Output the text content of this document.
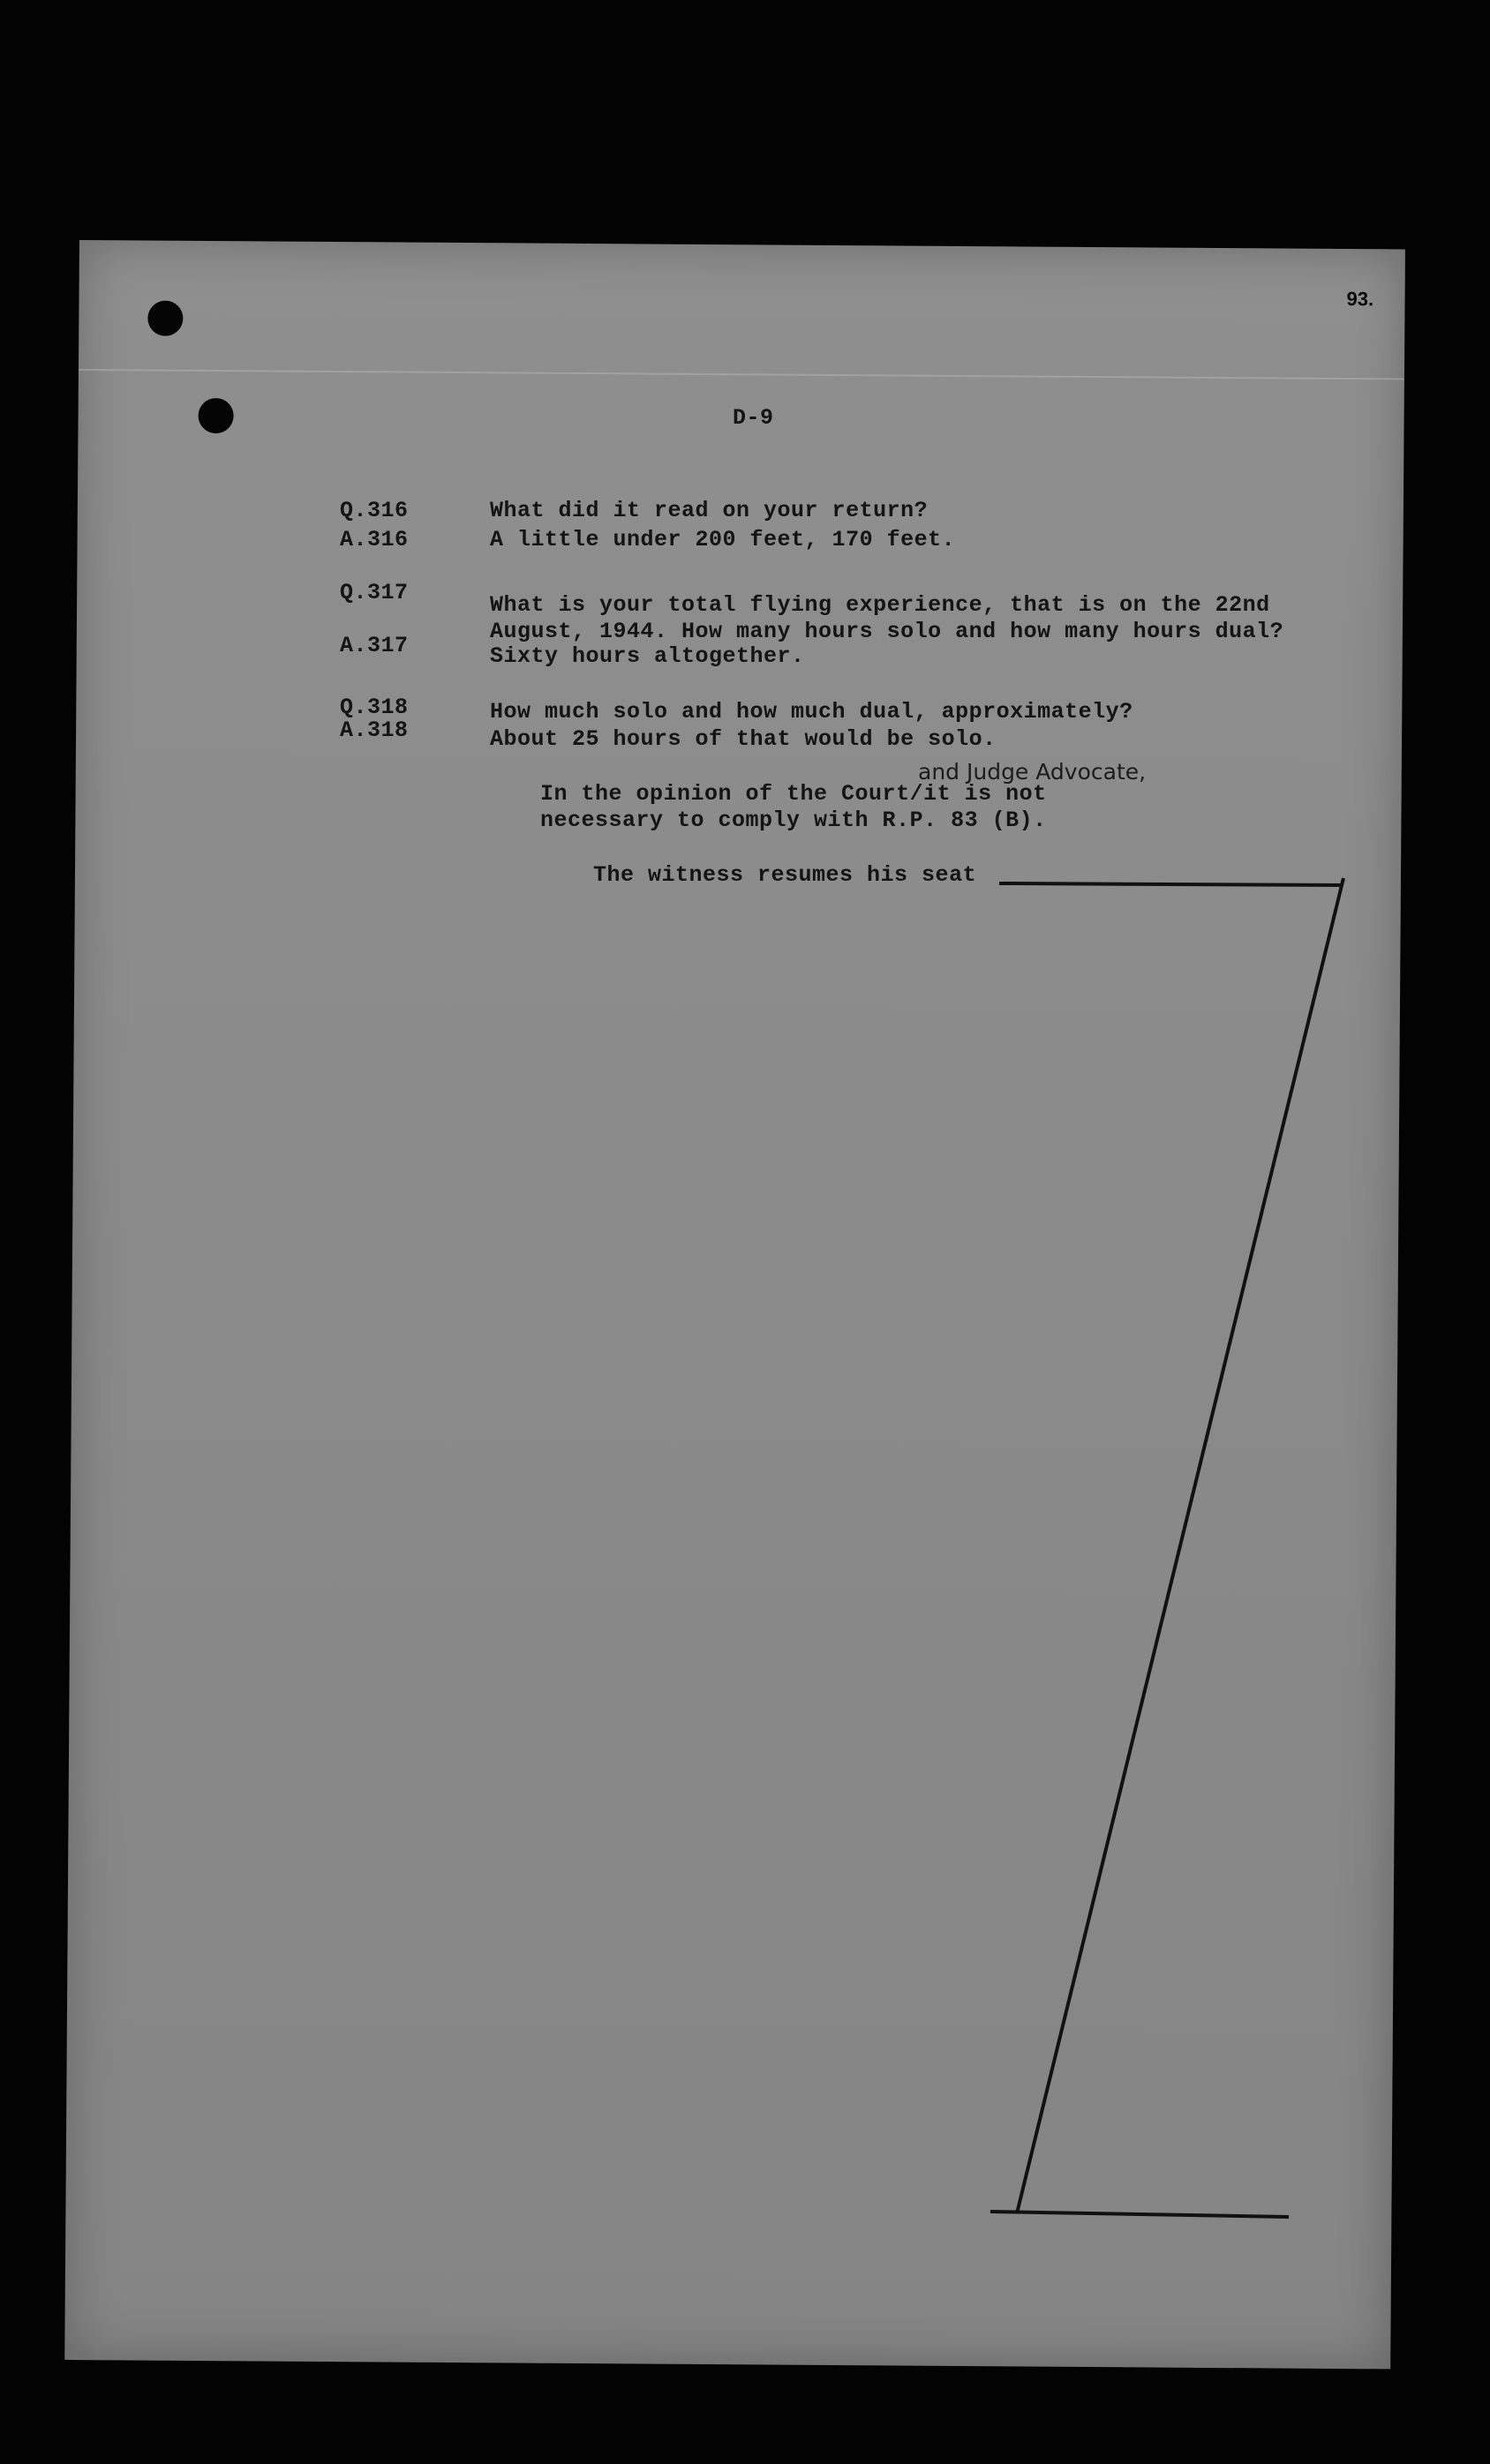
93.
D-9
Q.316	What did it read on your return?
A.316	A little under 200 feet, 170 feet.
Q.317	What is your total flying experience, that is on the 22nd
August, 1944. How many hours solo and how many hours dual?
A.317	Sixty hours altogether.
Q.318	How much solo and how much dual, approximately?
A.318	About 25 hours of that would be solo.
and Judge Advocate,
In the opinion of the Court/it is not
necessary to comply with R.P. 83 (B).
The witness resumes his seat
